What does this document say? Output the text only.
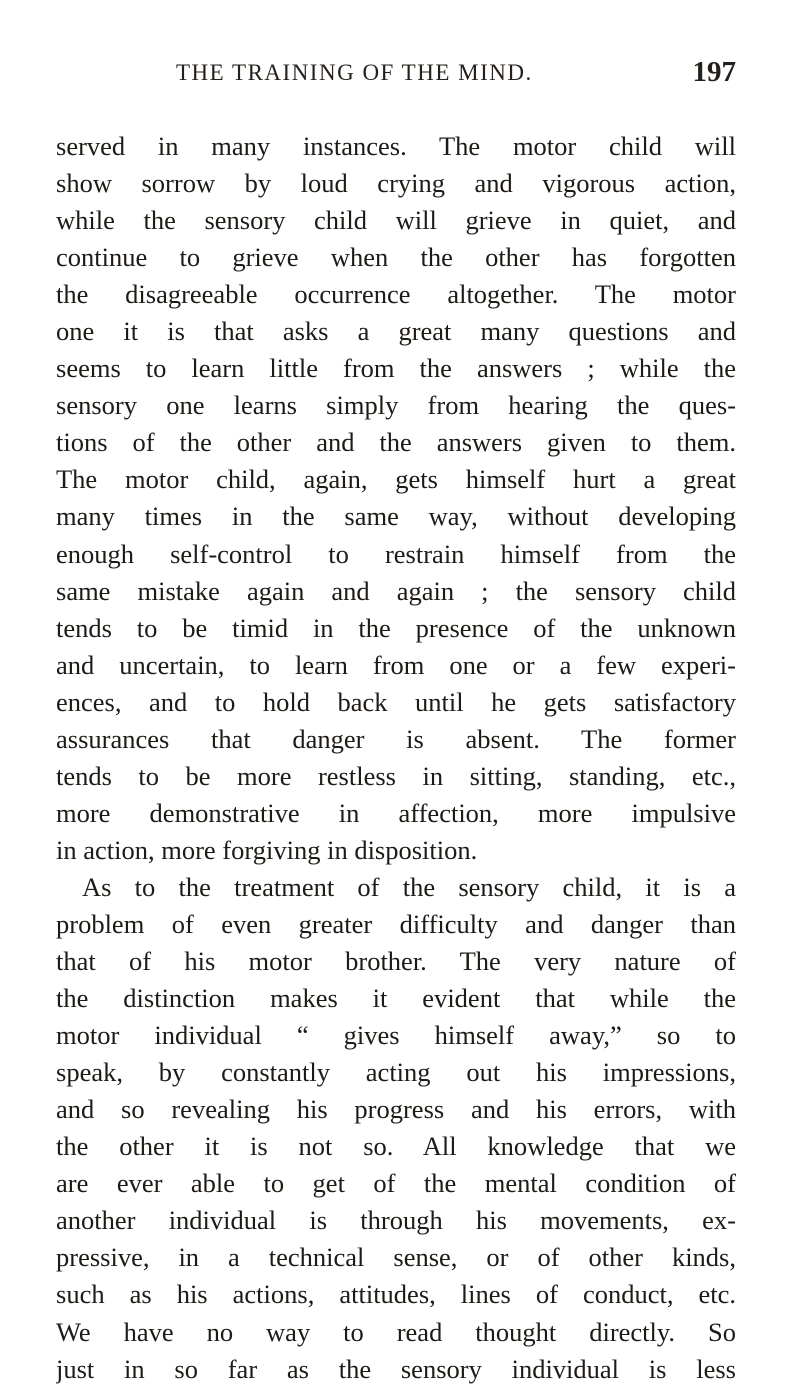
THE TRAINING OF THE MIND.	197
served in many instances. The motor child will
show sorrow by loud crying and vigorous action,
while the sensory child will grieve in quiet, and
continue to grieve when the other has forgotten
the disagreeable occurrence altogether. The motor
one it is that asks a great many questions and
seems to learn little from the answers ; while the
sensory one learns simply from hearing the ques-
tions of the other and the answers given to them.
The motor child, again, gets himself hurt a great
many times in the same way, without developing
enough self-control to restrain himself from the
same mistake again and again ; the sensory child
tends to be timid in the presence of the unknown
and uncertain, to learn from one or a few experi-
ences, and to hold back until he gets satisfactory
assurances that danger is absent. The former
tends to be more restless in sitting, standing, etc.,
more demonstrative in affection, more impulsive
in action, more forgiving in disposition.
As to the treatment of the sensory child, it is a
problem of even greater difficulty and danger than
that of his motor brother. The very nature of
the distinction makes it evident that while the
motor individual “ gives himself away,” so to
speak, by constantly acting out his impressions,
and so revealing his progress and his errors, with
the other it is not so. All knowledge that we
are ever able to get of the mental condition of
another individual is through his movements, ex-
pressive, in a technical sense, or of other kinds,
such as his actions, attitudes, lines of conduct, etc.
We have no way to read thought directly. So
just in so far as the sensory individual is less
